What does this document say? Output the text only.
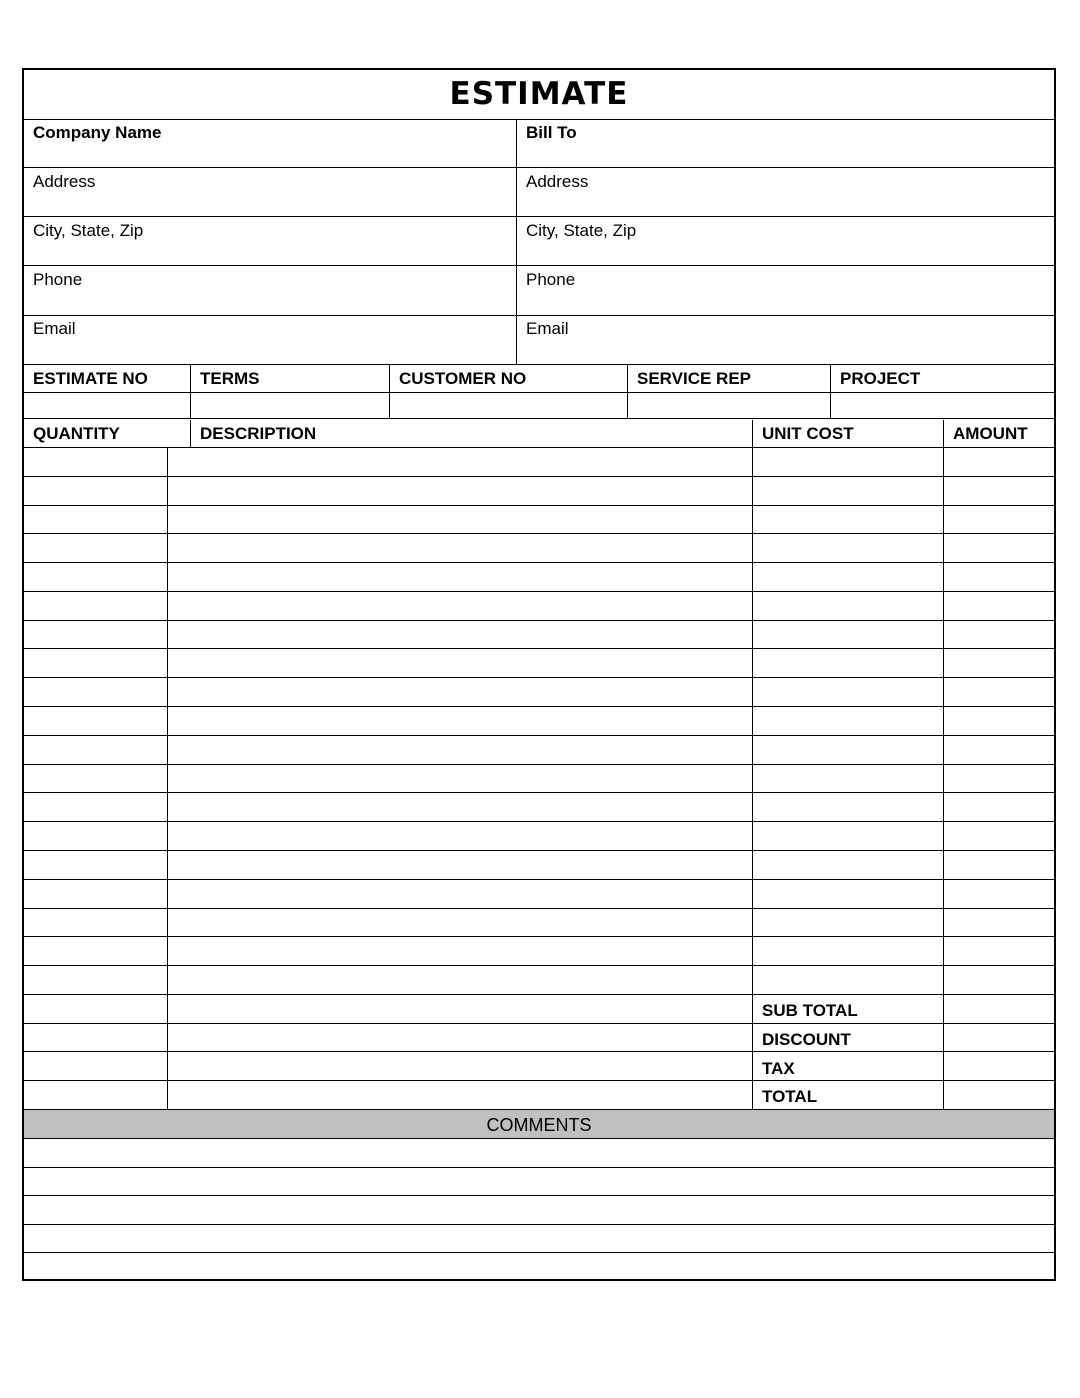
ESTIMATE
Company Name	Bill To
Address	Address
City, State, Zip	City, State, Zip
Phone	Phone
Email	Email
ESTIMATE NO	TERMS	CUSTOMER NO	SERVICE REP	PROJECT
QUANTITY	DESCRIPTION	UNIT COST	AMOUNT
SUB TOTAL
DISCOUNT
TAX
TOTAL
COMMENTS
